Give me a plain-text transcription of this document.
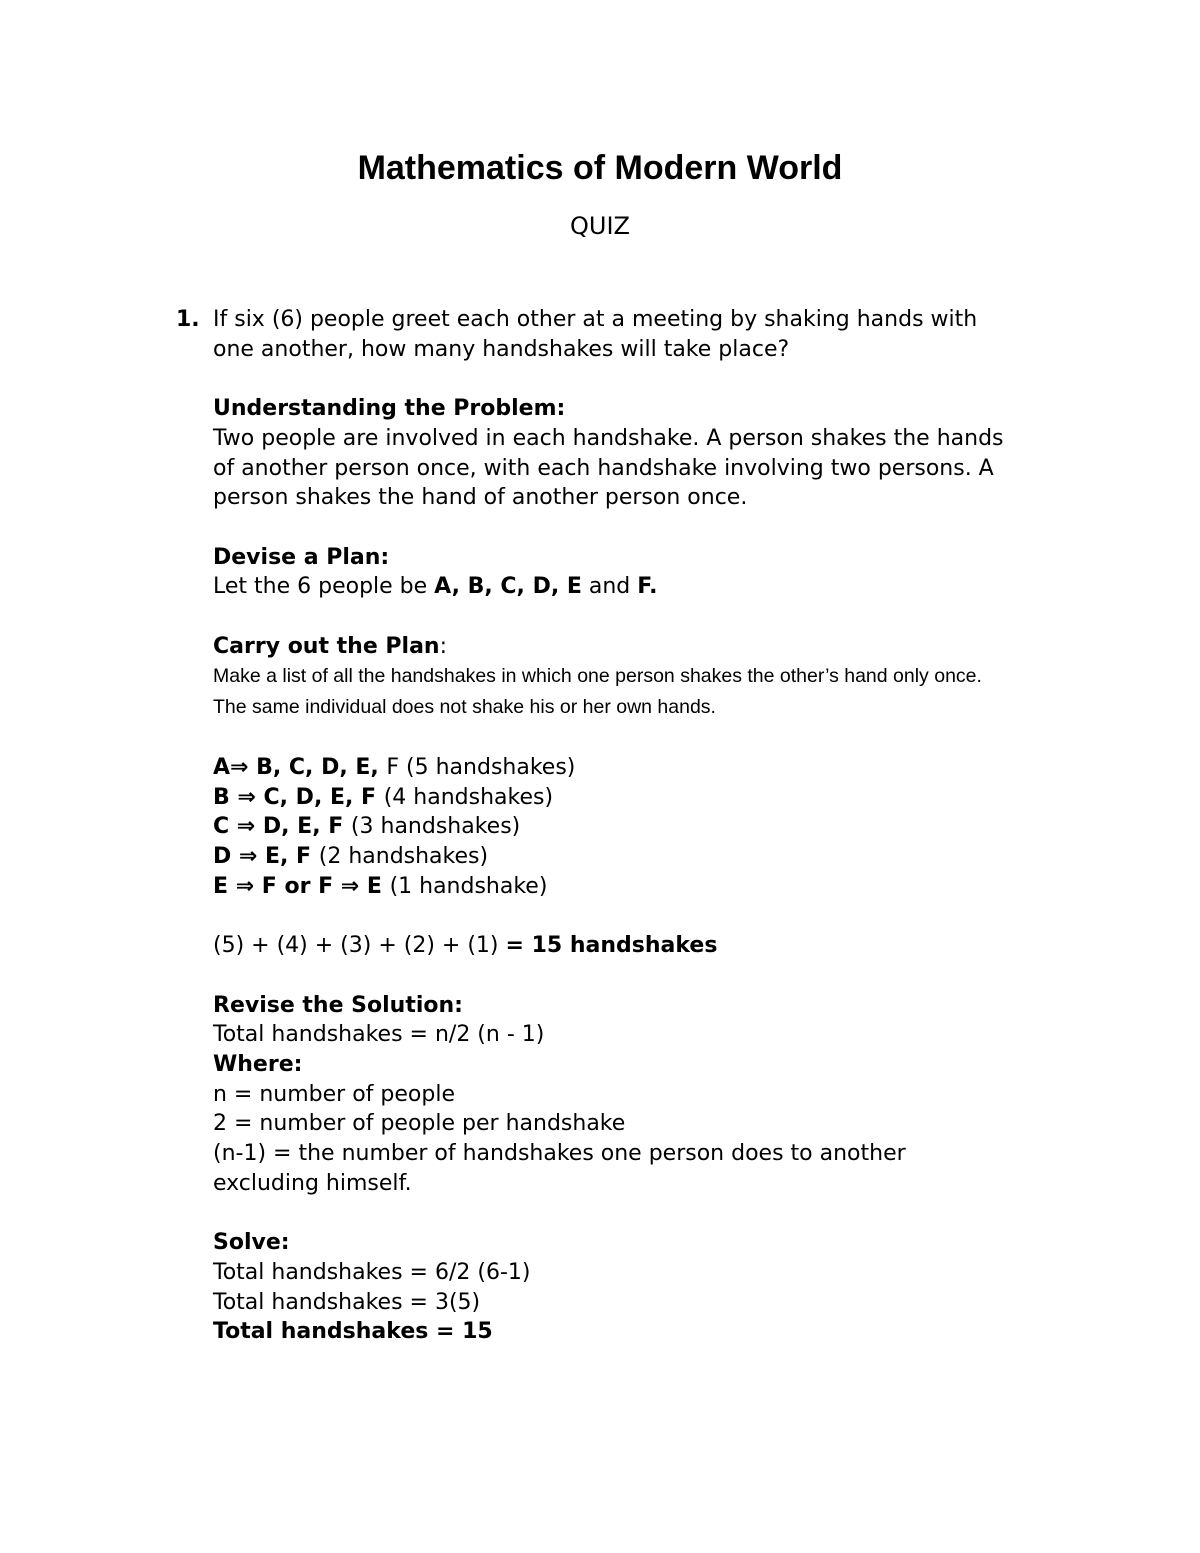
Mathematics of Modern World
QUIZ
1. If six (6) people greet each other at a meeting by shaking hands with

one another, how many handshakes will take place?

Understanding the Problem:

Two people are involved in each handshake. A person shakes the hands

of another person once, with each handshake involving two persons. A

person shakes the hand of another person once.

Devise a Plan:

Let the 6 people be A, B, C, D, E and F.

Carry out the Plan:

Make a list of all the handshakes in which one person shakes the other’s hand only once.

The same individual does not shake his or her own hands.

A⇒ B, C, D, E, F (5 handshakes)

B ⇒ C, D, E, F (4 handshakes)

C ⇒ D, E, F (3 handshakes)

D ⇒ E, F (2 handshakes)

E ⇒ F or F ⇒ E (1 handshake)

(5) + (4) + (3) + (2) + (1) = 15 handshakes

Revise the Solution:

Total handshakes = n/2 (n - 1)

Where:

n = number of people

2 = number of people per handshake

(n-1) = the number of handshakes one person does to another

excluding himself.

Solve:

Total handshakes = 6/2 (6-1)

Total handshakes = 3(5)

Total handshakes = 15
